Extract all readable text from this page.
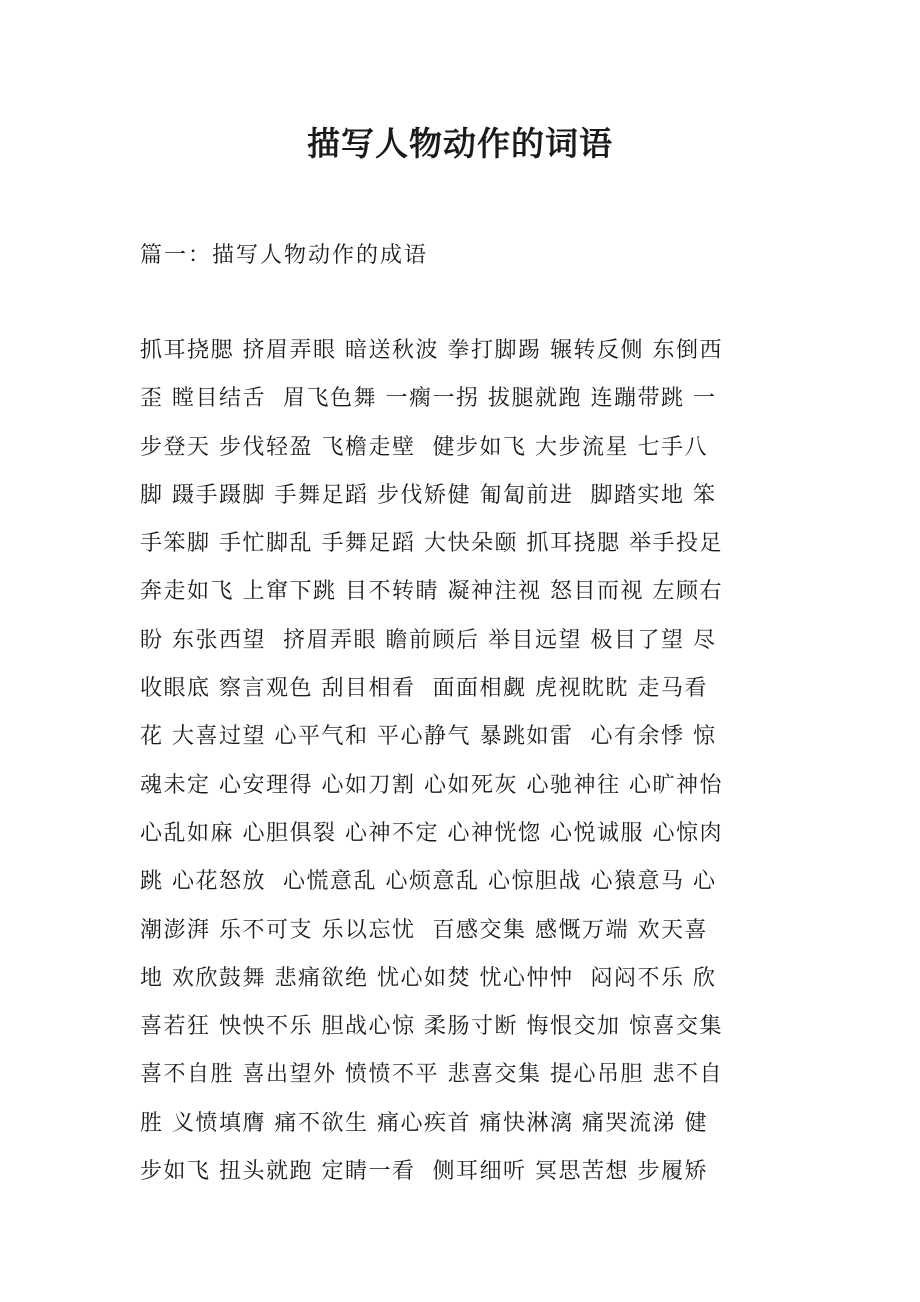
描写人物动作的词语

篇一：描写人物动作的成语

抓耳挠腮 挤眉弄眼 暗送秋波 拳打脚踢 辗转反侧 东倒西
歪 瞠目结舌  眉飞色舞 一瘸一拐 拔腿就跑 连蹦带跳 一
步登天 步伐轻盈 飞檐走壁  健步如飞 大步流星 七手八
脚 蹑手蹑脚 手舞足蹈 步伐矫健 匍匐前进  脚踏实地 笨
手笨脚 手忙脚乱 手舞足蹈 大快朵颐 抓耳挠腮 举手投足
奔走如飞 上窜下跳 目不转睛 凝神注视 怒目而视 左顾右
盼 东张西望  挤眉弄眼 瞻前顾后 举目远望 极目了望 尽
收眼底 察言观色 刮目相看  面面相觑 虎视眈眈 走马看
花 大喜过望 心平气和 平心静气 暴跳如雷  心有余悸 惊
魂未定 心安理得 心如刀割 心如死灰 心驰神往 心旷神怡
心乱如麻 心胆俱裂 心神不定 心神恍惚 心悦诚服 心惊肉
跳 心花怒放  心慌意乱 心烦意乱 心惊胆战 心猿意马 心
潮澎湃 乐不可支 乐以忘忧  百感交集 感慨万端 欢天喜
地 欢欣鼓舞 悲痛欲绝 忧心如焚 忧心忡忡  闷闷不乐 欣
喜若狂 怏怏不乐 胆战心惊 柔肠寸断 悔恨交加 惊喜交集
喜不自胜 喜出望外 愤愤不平 悲喜交集 提心吊胆 悲不自
胜 义愤填膺 痛不欲生 痛心疾首 痛快淋漓 痛哭流涕 健
步如飞 扭头就跑 定睛一看  侧耳细听 冥思苦想 步履矫
